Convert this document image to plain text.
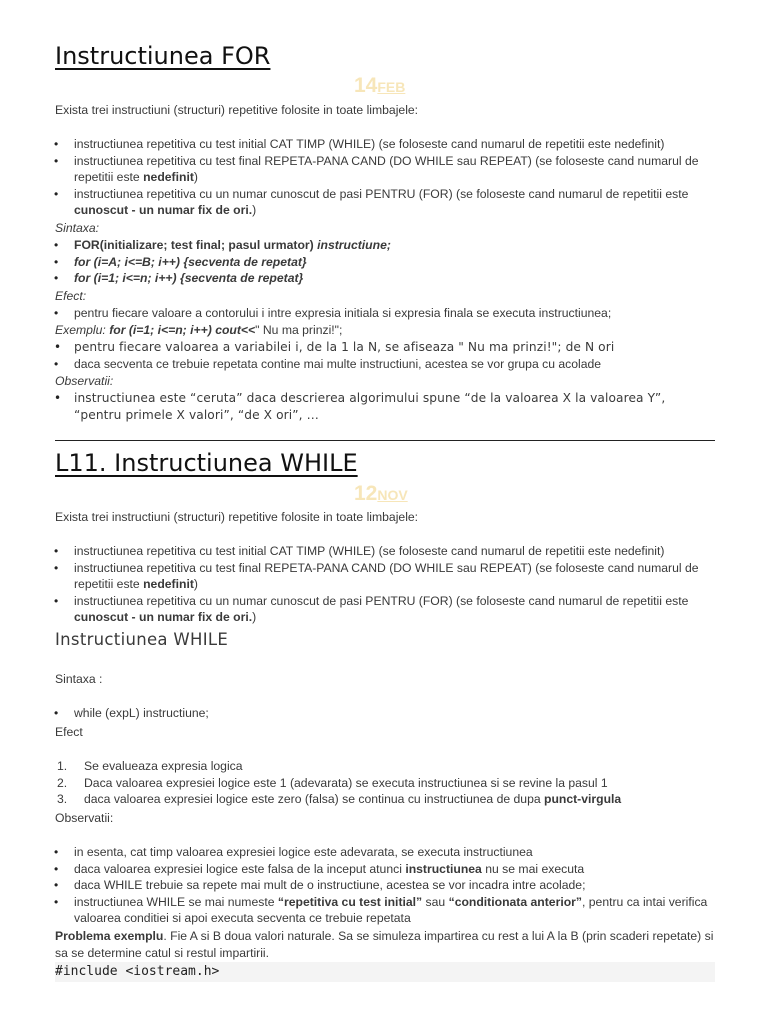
Instructiunea FOR
14FEB
Exista trei instructiuni (structuri) repetitive folosite in toate limbajele:
• instructiunea repetitiva cu test initial CAT TIMP (WHILE) (se foloseste cand numarul de repetitii este nedefinit)
• instructiunea repetitiva cu test final REPETA-PANA CAND (DO WHILE sau REPEAT) (se foloseste cand numarul de repetitii este nedefinit)
• instructiunea repetitiva cu un numar cunoscut de pasi PENTRU (FOR) (se foloseste cand numarul de repetitii este cunoscut - un numar fix de ori.)
Sintaxa:
• FOR(initializare; test final; pasul urmator) instructiune;
• for (i=A; i<=B; i++) {secventa de repetat}
• for (i=1; i<=n; i++) {secventa de repetat}
Efect:
• pentru fiecare valoare a contorului i intre expresia initiala si expresia finala se executa instructiunea;
Exemplu: for (i=1; i<=n; i++) cout<<" Nu ma prinzi!";
• pentru fiecare valoarea a variabilei i, de la 1 la N, se afiseaza " Nu ma prinzi!"; de N ori
• daca secventa ce trebuie repetata contine mai multe instructiuni, acestea se vor grupa cu acolade
Observatii:
• instructiunea este “ceruta” daca descrierea algorimului spune “de la valoarea X la valoarea Y”, “pentru primele X valori”, “de X ori”, …
L11. Instructiunea WHILE
12NOV
Exista trei instructiuni (structuri) repetitive folosite in toate limbajele:
• instructiunea repetitiva cu test initial CAT TIMP (WHILE) (se foloseste cand numarul de repetitii este nedefinit)
• instructiunea repetitiva cu test final REPETA-PANA CAND (DO WHILE sau REPEAT) (se foloseste cand numarul de repetitii este nedefinit)
• instructiunea repetitiva cu un numar cunoscut de pasi PENTRU (FOR) (se foloseste cand numarul de repetitii este cunoscut - un numar fix de ori.)
Instructiunea WHILE
Sintaxa :
• while (expL) instructiune;
Efect
1. Se evalueaza expresia logica
2. Daca valoarea expresiei logice este 1 (adevarata) se executa instructiunea si se revine la pasul 1
3. daca valoarea expresiei logice este zero (falsa) se continua cu instructiunea de dupa punct-virgula
Observatii:
• in esenta, cat timp valoarea expresiei logice este adevarata, se executa instructiunea
• daca valoarea expresiei logice este falsa de la inceput atunci instructiunea nu se mai executa
• daca WHILE trebuie sa repete mai mult de o instructiune, acestea se vor incadra intre acolade;
• instructiunea WHILE se mai numeste “repetitiva cu test initial” sau “conditionata anterior”, pentru ca intai verifica valoarea conditiei si apoi executa secventa ce trebuie repetata
Problema exemplu. Fie A si B doua valori naturale. Sa se simuleza impartirea cu rest a lui A la B (prin scaderi repetate) si sa se determine catul si restul impartirii.
#include <iostream.h>
